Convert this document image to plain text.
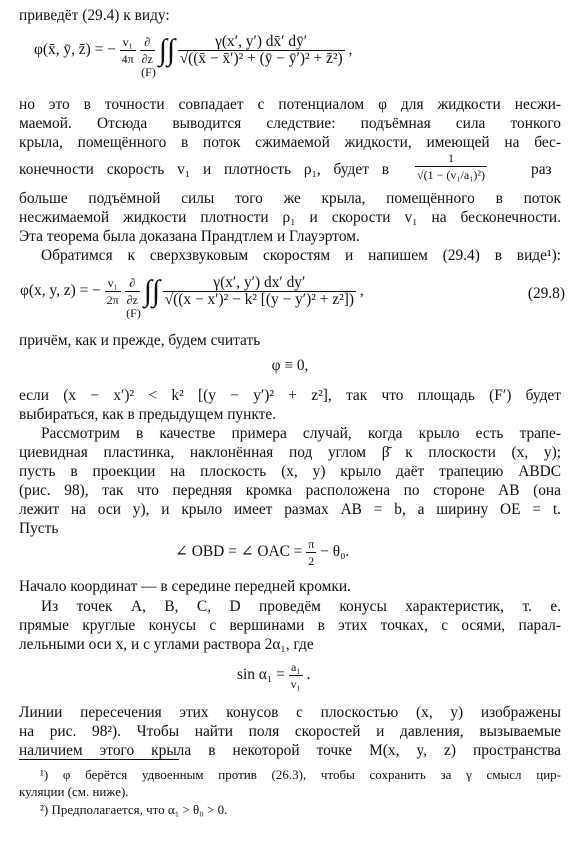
приведёт (29.4) к виду:
φ(x̄, ȳ, z̄) = − $\frac{\text{v₁}}{4\pi}$
$\frac{\partial}{\partial z} \int\int_{(F)}$
$\frac{\gamma(x', y') dx̄' dȳ'}{\text{√((x̄ − x̄′)² + (ȳ − ȳ′)² + z̄²)}}$ ,
но это в точности совпадает с потенциалом φ для жидкости несжи-
маемой. Отсюда выводится следствие: подъёмная сила тонкого
крыла, помещённого в поток сжимаемой жидкости, имеющей на бес-
конечности скорость v₁ и плотность ρ₁, будет в $\frac{1}{\text{√(1 − (v₁/a₁)²)}}$	раз
больше подъёмной силы того же крыла, помещённого в поток
несжимаемой жидкости плотности ρ₁ и скорости v₁ на бесконечности.
Эта теорема была доказана Прандтлем и Глауэртом.
Обратимся к сверхзвуковым скоростям и напишем (29.4) в виде¹):
φ(x, y, z) = − $\frac{\text{v₁}}{2\pi}$
$\frac{\partial}{\partial z} \int\int_{(F)}$
$\frac{\gamma(x', y') dx' dy'}{\text{√((x − x′)² − k² [(y − y′)² + z²])}}$ ,	(29.8)
причём, как и прежде, будем считать
φ ≡ 0,
если (x − x′)² < k² [(y − y′)² + z²], так что площадь (F′) будет
выбираться, как в предыдущем пункте.
Рассмотрим в качестве примера случай, когда крыло есть трапе-
циевидная пластинка, наклонённая под углом β̄ к плоскости (x, y);
пусть в проекции на плоскость (x, y) крыло даёт трапецию ABDC
(рис. 98), так что передняя кромка расположена по стороне AB (она
лежит на оси y), и крыло имеет размах AB = b, а ширину OE = t.
Пусть
∠ OBD = ∠ OAC = $\frac{\pi}{2} - \theta_0$.
Начало координат — в середине передней кромки.
Из точек A, B, C, D проведём конусы характеристик, т. е.
прямые круглые конусы с вершинами в этих точках, с осями, парал-
лельными оси x, и с углами раствора 2α₁, где
$\sin \alpha_1 = \frac{\text{a₁}}{\text{v₁}}$ .
Линии пересечения этих конусов с плоскостью (x, y) изображены
на рис. 98²). Чтобы найти поля скоростей и давления, вызываемые
наличием этого крыла в некоторой точке M(x, y, z) пространства
¹) φ берётся удвоенным против (26.3), чтобы сохранить за γ смысл цир-
куляции (см. ниже).
²) Предполагается, что α₁ > θ₀ > 0.
